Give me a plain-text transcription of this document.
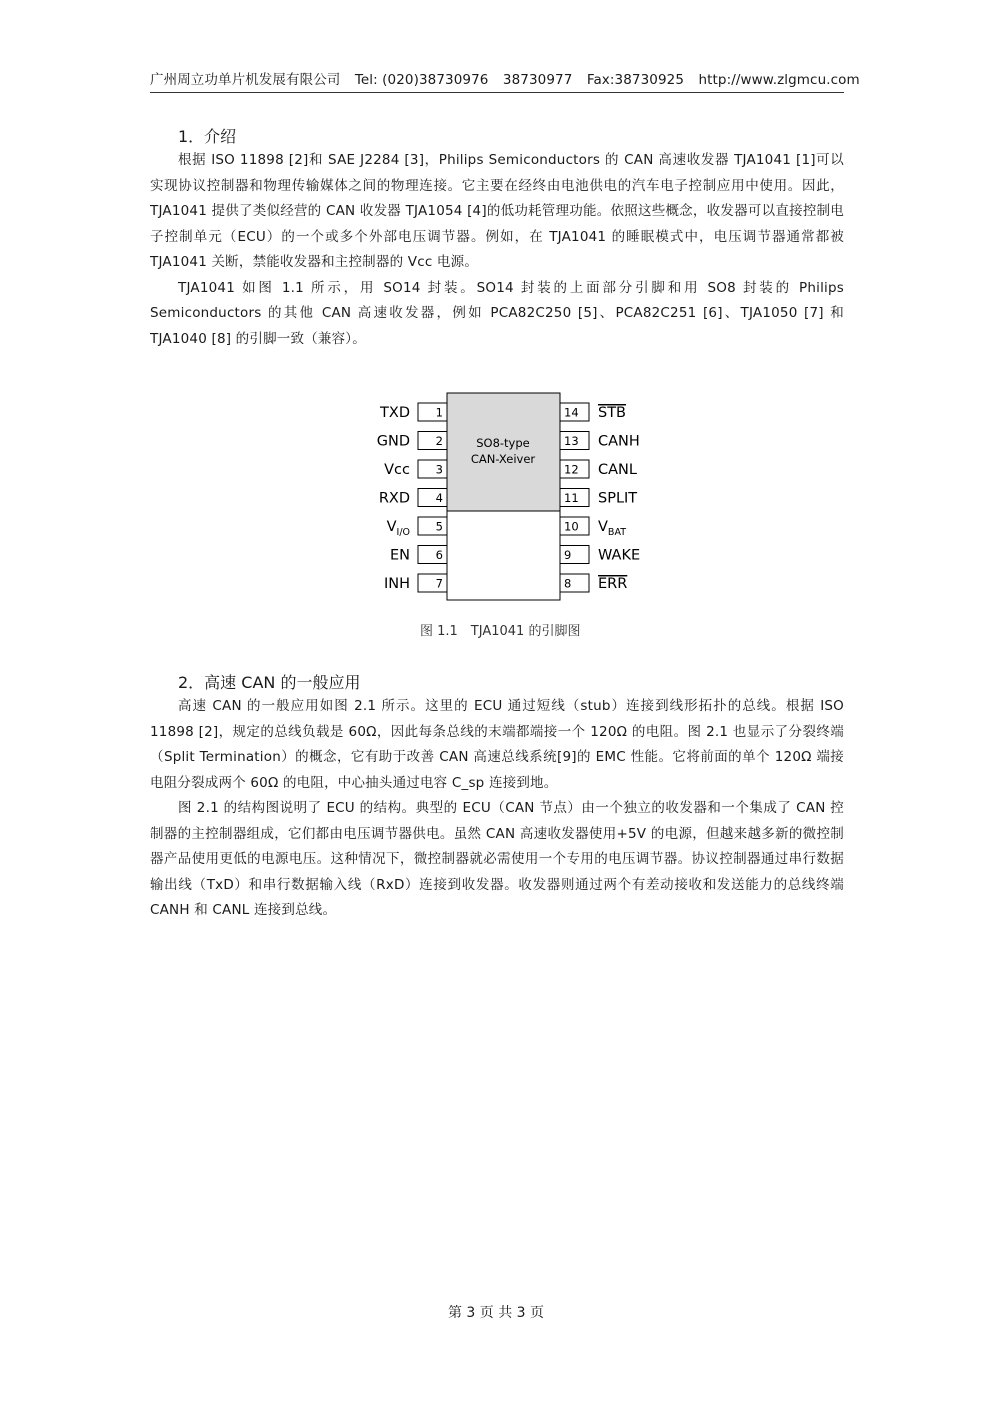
广州周立功单片机发展有限公司 Tel: (020)38730976 38730977 Fax:38730925 http://www.zlgmcu.com
1．介绍

根据 ISO 11898 [2]和 SAE J2284 [3]，Philips Semiconductors 的 CAN 高速收发器 TJA1041 [1]可以实现协议控制器和物理传输媒体之间的物理连接。它主要在经终由电池供电的汽车电子控制应用中使用。因此，TJA1041 提供了类似经营的 CAN 收发器 TJA1054 [4]的低功耗管理功能。依照这些概念，收发器可以直接控制电子控制单元（ECU）的一个或多个外部电压调节器。例如，在 TJA1041 的睡眠模式中，电压调节器通常都被 TJA1041 关断，禁能收发器和主控制器的 Vcc 电源。

TJA1041 如图 1.1 所示，用 SO14 封装。SO14 封装的上面部分引脚和用 SO8 封装的 Philips Semiconductors 的其他 CAN 高速收发器，例如 PCA82C250 [5]、PCA82C251 [6]、TJA1050 [7] 和 TJA1040 [8] 的引脚一致（兼容）。

SO8-type
CAN-Xeiver
1
TXD
2
GND
3
Vcc
4
RXD
5
$V_{I/O}$
6
EN
7
INH
14 STB
13 CANH
12 CANL
11 SPLIT
10 $V_{BAT}$
9 WAKE
8 ERR
图 1.1　TJA1041 的引脚图
2．高速 CAN 的一般应用

高速 CAN 的一般应用如图 2.1 所示。这里的 ECU 通过短线（stub）连接到线形拓扑的总线。根据 ISO 11898 [2]，规定的总线负载是 60Ω，因此每条总线的末端都端接一个 120Ω 的电阻。图 2.1 也显示了分裂终端（Split Termination）的概念，它有助于改善 CAN 高速总线系统[9]的 EMC 性能。它将前面的单个 120Ω 端接电阻分裂成两个 60Ω 的电阻，中心抽头通过电容 C_sp 连接到地。

图 2.1 的结构图说明了 ECU 的结构。典型的 ECU（CAN 节点）由一个独立的收发器和一个集成了 CAN 控制器的主控制器组成，它们都由电压调节器供电。虽然 CAN 高速收发器使用+5V 的电源，但越来越多新的微控制器产品使用更低的电源电压。这种情况下，微控制器就必需使用一个专用的电压调节器。协议控制器通过串行数据输出线（TxD）和串行数据输入线（RxD）连接到收发器。收发器则通过两个有差动接收和发送能力的总线终端 CANH 和 CANL 连接到总线。

第 3 页 共 3 页
